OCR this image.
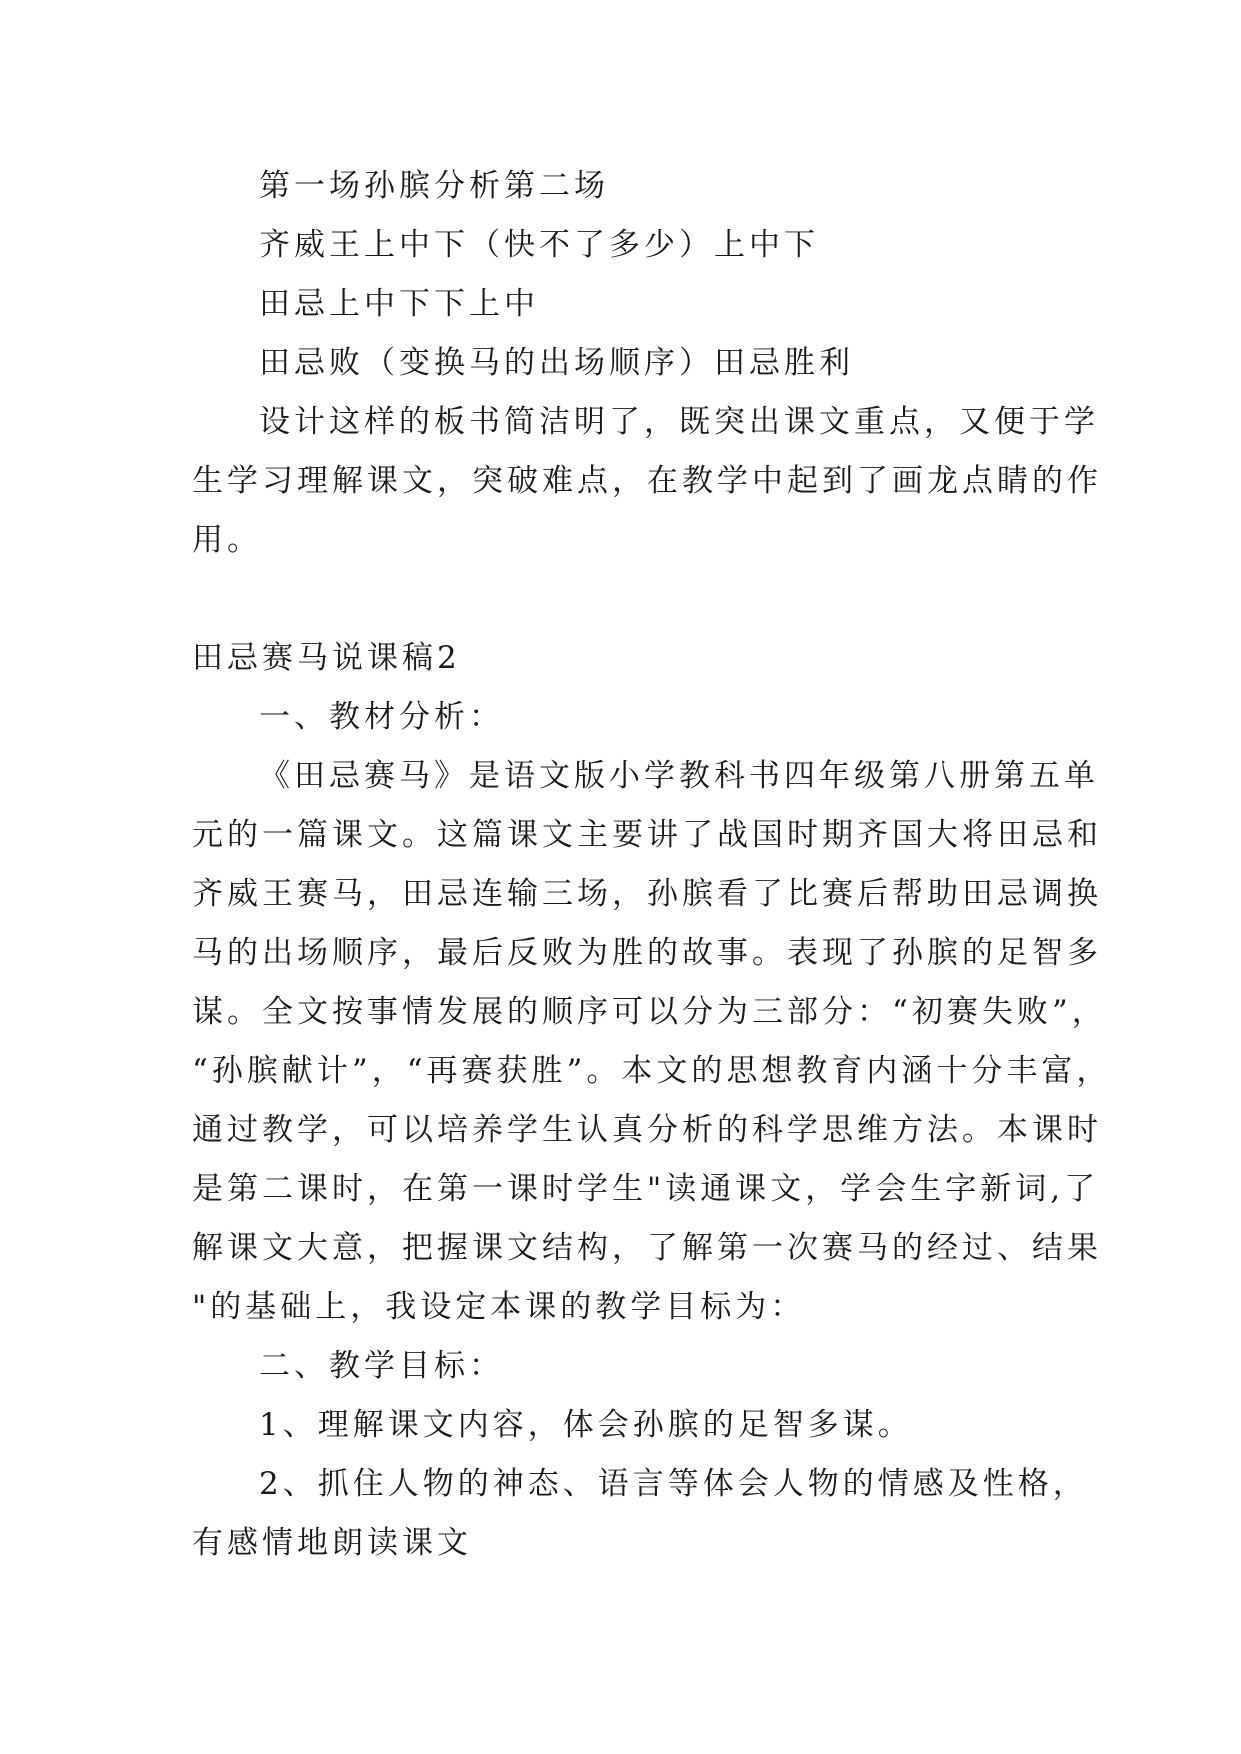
第一场孙膑分析第二场
齐威王上中下（快不了多少）上中下
田忌上中下下上中
田忌败（变换马的出场顺序）田忌胜利
设计这样的板书简洁明了，既突出课文重点，又便于学
生学习理解课文，突破难点，在教学中起到了画龙点睛的作
用。
田忌赛马说课稿2
一、教材分析：
《田忌赛马》是语文版小学教科书四年级第八册第五单
元的一篇课文。这篇课文主要讲了战国时期齐国大将田忌和
齐威王赛马，田忌连输三场，孙膑看了比赛后帮助田忌调换
马的出场顺序，最后反败为胜的故事。表现了孙膑的足智多
谋。全文按事情发展的顺序可以分为三部分：“初赛失败”，
“孙膑献计”，“再赛获胜”。本文的思想教育内涵十分丰富，
通过教学，可以培养学生认真分析的科学思维方法。本课时
是第二课时，在第一课时学生"读通课文，学会生字新词,了
解课文大意，把握课文结构，了解第一次赛马的经过、结果
"的基础上，我设定本课的教学目标为：
二、教学目标：
1、理解课文内容，体会孙膑的足智多谋。
2、抓住人物的神态、语言等体会人物的情感及性格，
有感情地朗读课文
